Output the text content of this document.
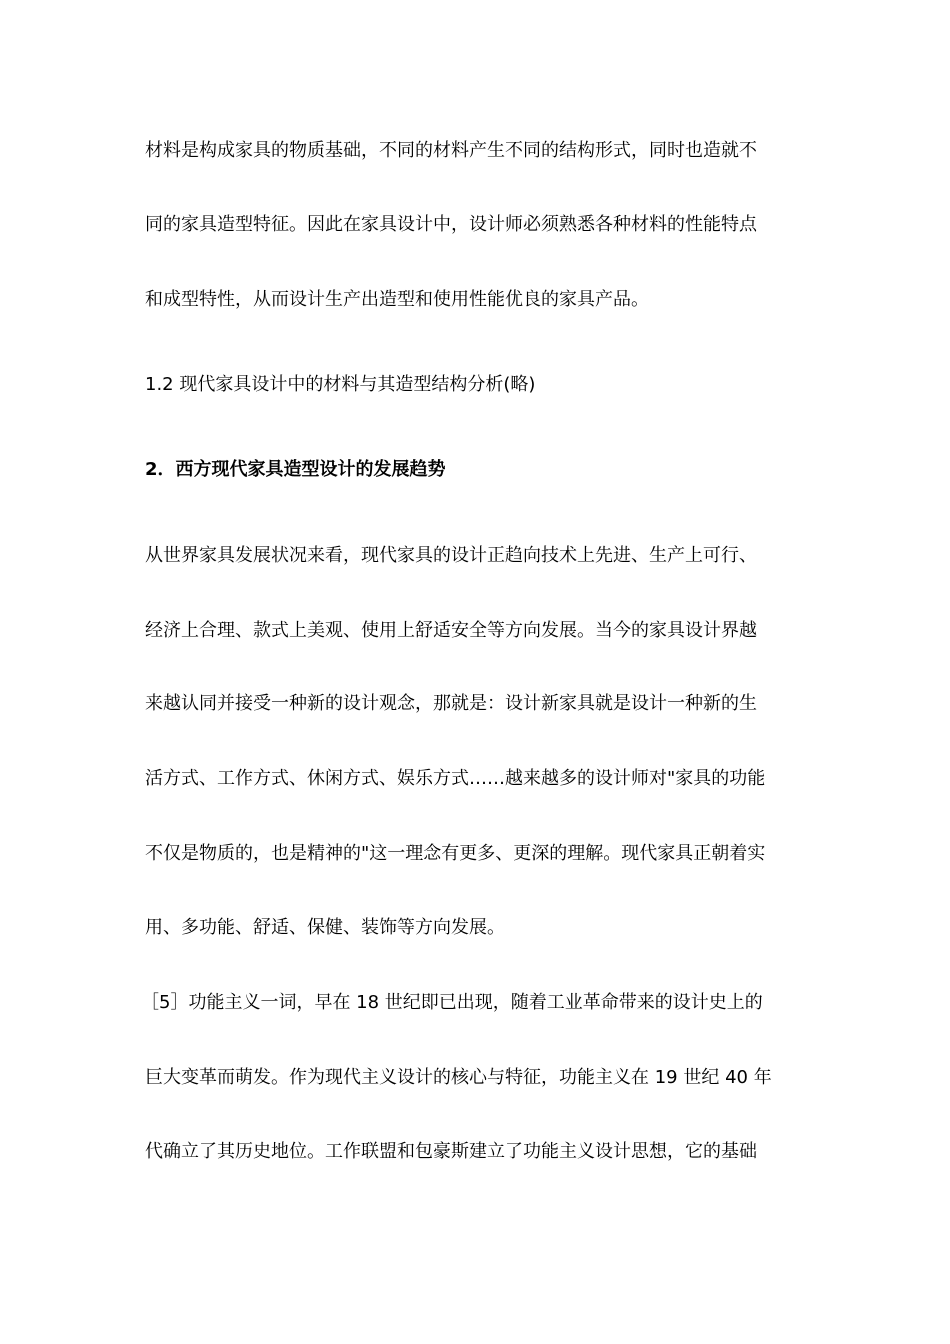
材料是构成家具的物质基础，不同的材料产生不同的结构形式，同时也造就不
同的家具造型特征。因此在家具设计中，设计师必须熟悉各种材料的性能特点
和成型特性，从而设计生产出造型和使用性能优良的家具产品。
1.2 现代家具设计中的材料与其造型结构分析(略)
2．西方现代家具造型设计的发展趋势
从世界家具发展状况来看，现代家具的设计正趋向技术上先进、生产上可行、
经济上合理、款式上美观、使用上舒适安全等方向发展。当今的家具设计界越
来越认同并接受一种新的设计观念，那就是：设计新家具就是设计一种新的生
活方式、工作方式、休闲方式、娱乐方式……越来越多的设计师对"家具的功能
不仅是物质的，也是精神的"这一理念有更多、更深的理解。现代家具正朝着实
用、多功能、舒适、保健、装饰等方向发展。
［5］功能主义一词，早在 18 世纪即已出现，随着工业革命带来的设计史上的
巨大变革而萌发。作为现代主义设计的核心与特征，功能主义在 19 世纪 40 年
代确立了其历史地位。工作联盟和包豪斯建立了功能主义设计思想，它的基础
